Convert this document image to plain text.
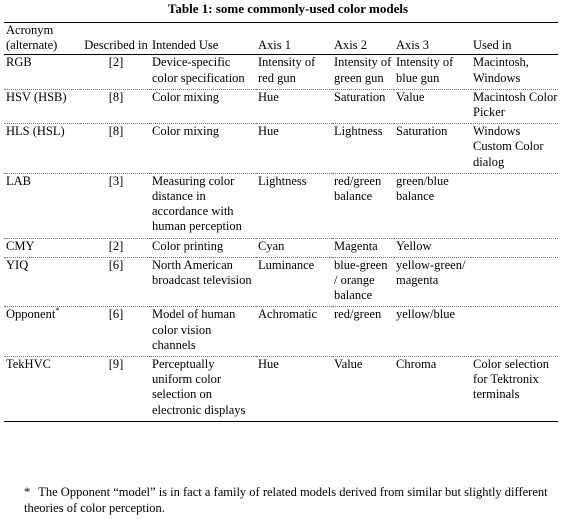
Table 1: some commonly-used color models
Acronym (alternate)	Described in	Intended Use	Axis 1	Axis 2	Axis 3	Used in
RGB	[2]	Device-specific color specification	Intensity of red gun	Intensity of green gun	Intensity of blue gun	Macintosh, Windows
HSV (HSB)	[8]	Color mixing	Hue	Saturation	Value	Macintosh Color Picker
HLS (HSL)	[8]	Color mixing	Hue	Lightness	Saturation	Windows Custom Color dialog
LAB	[3]	Measuring color distance in accordance with human perception	Lightness	red/green balance	green/blue balance	
CMY	[2]	Color printing	Cyan	Magenta	Yellow	
YIQ	[6]	North American broadcast television	Luminance	blue-green / orange balance	yellow-green/ magenta	
Opponent*	[6]	Model of human color vision channels	Achromatic	red/green	yellow/blue	
TekHVC	[9]	Perceptually uniform color selection on electronic displays	Hue	Value	Chroma	Color selection for Tektronix terminals
* The Opponent “model” is in fact a family of related models derived from similar but slightly different theories of color perception.
